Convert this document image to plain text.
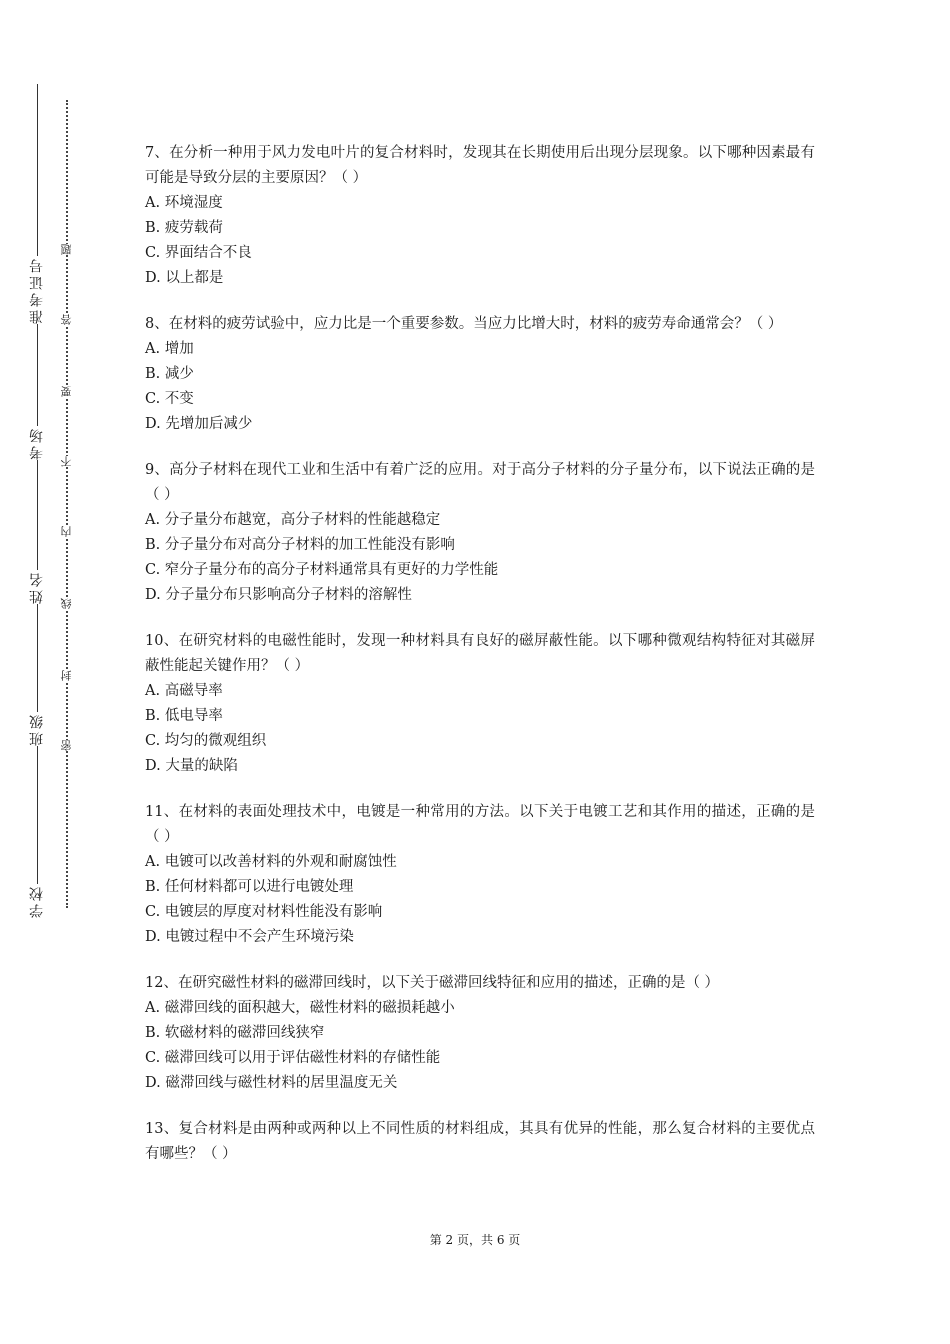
准考证号
考场
姓名
班级
学校
题
答
要
不
内
线
封
密

7、在分析一种用于风力发电叶片的复合材料时，发现其在长期使用后出现分层现象。以下哪种因素最有可能是导致分层的主要原因？（ ）

A. 环境湿度

B. 疲劳载荷

C. 界面结合不良

D. 以上都是

8、在材料的疲劳试验中，应力比是一个重要参数。当应力比增大时，材料的疲劳寿命通常会？（ ）

A. 增加

B. 减少

C. 不变

D. 先增加后减少

9、高分子材料在现代工业和生活中有着广泛的应用。对于高分子材料的分子量分布，以下说法正确的是（ ）

A. 分子量分布越宽，高分子材料的性能越稳定

B. 分子量分布对高分子材料的加工性能没有影响

C. 窄分子量分布的高分子材料通常具有更好的力学性能

D. 分子量分布只影响高分子材料的溶解性

10、在研究材料的电磁性能时，发现一种材料具有良好的磁屏蔽性能。以下哪种微观结构特征对其磁屏蔽性能起关键作用？（ ）

A. 高磁导率

B. 低电导率

C. 均匀的微观组织

D. 大量的缺陷

11、在材料的表面处理技术中，电镀是一种常用的方法。以下关于电镀工艺和其作用的描述，正确的是（ ）

A. 电镀可以改善材料的外观和耐腐蚀性

B. 任何材料都可以进行电镀处理

C. 电镀层的厚度对材料性能没有影响

D. 电镀过程中不会产生环境污染

12、在研究磁性材料的磁滞回线时，以下关于磁滞回线特征和应用的描述，正确的是（ ）

A. 磁滞回线的面积越大，磁性材料的磁损耗越小

B. 软磁材料的磁滞回线狭窄

C. 磁滞回线可以用于评估磁性材料的存储性能

D. 磁滞回线与磁性材料的居里温度无关

13、复合材料是由两种或两种以上不同性质的材料组成，其具有优异的性能，那么复合材料的主要优点有哪些？（ ）

第 2 页，共 6 页
